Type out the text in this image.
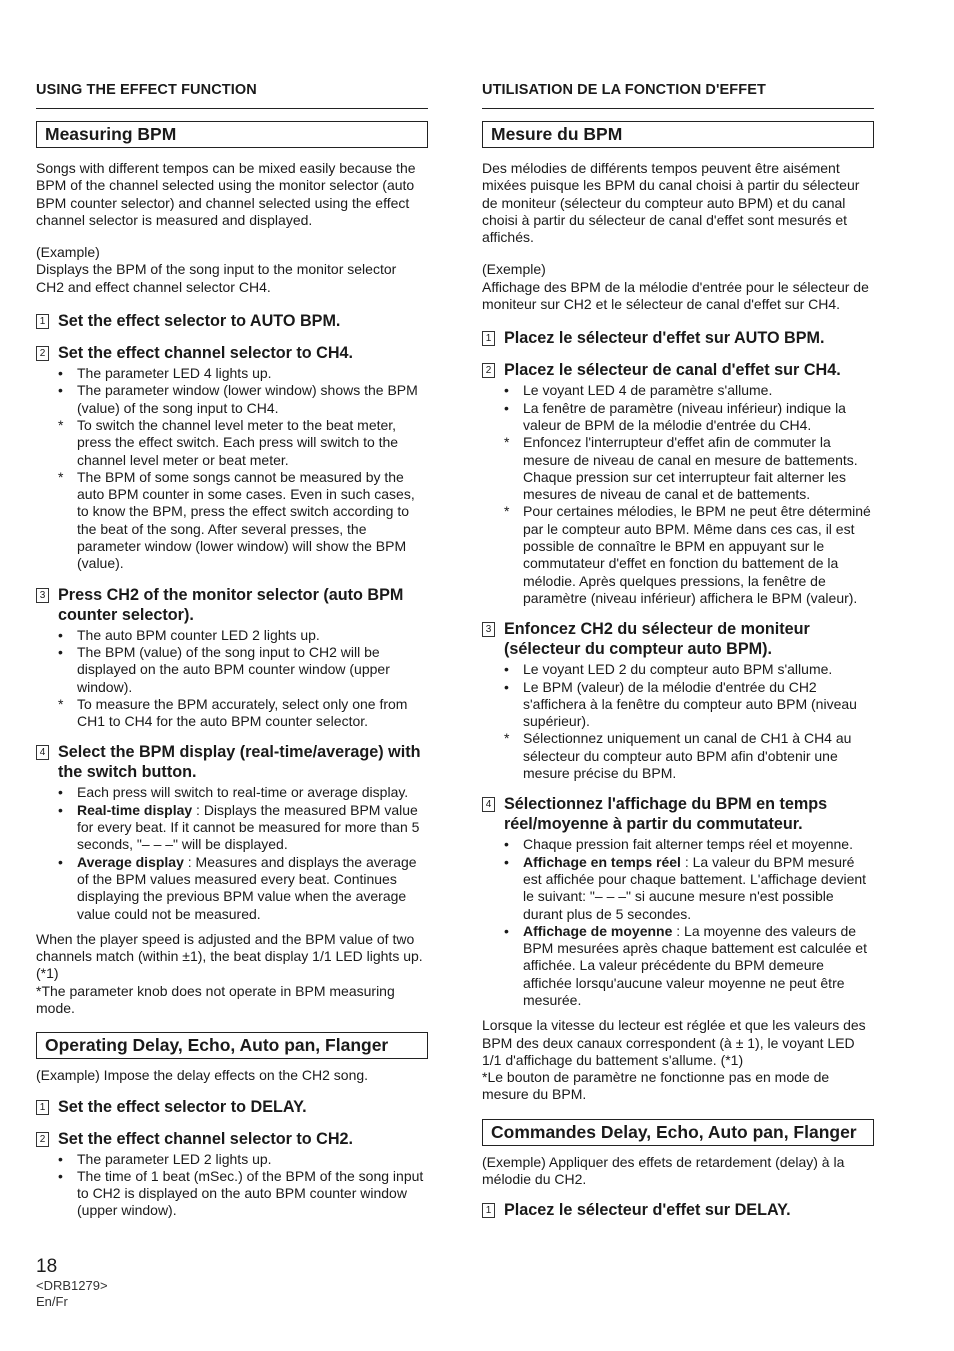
USING THE EFFECT FUNCTION
Measuring BPM

Songs with different tempos can be mixed easily because the BPM of the channel selected using the monitor selector (auto BPM counter selector) and channel selected using the effect channel selector is measured and displayed.

(Example)

Displays the BPM of the song input to the monitor selector CH2 and effect channel selector CH4.

1 Set the effect selector to AUTO BPM.
2 Set the effect channel selector to CH4.
• The parameter LED 4 lights up.
• The parameter window (lower window) shows the BPM (value) of the song input to CH4.
* To switch the channel level meter to the beat meter, press the effect switch. Each press will switch to the channel level meter or beat meter.
* The BPM of some songs cannot be measured by the auto BPM counter in some cases. Even in such cases, to know the BPM, press the effect switch according to the beat of the song. After several presses, the parameter window (lower window) will show the BPM (value).
3 Press CH2 of the monitor selector (auto BPM counter selector).
• The auto BPM counter LED 2 lights up.
• The BPM (value) of the song input to CH2 will be displayed on the auto BPM counter window (upper window).
* To measure the BPM accurately, select only one from CH1 to CH4 for the auto BPM counter selector.
4 Select the BPM display (real-time/average) with the switch button.
• Each press will switch to real-time or average display.
• Real-time display : Displays the measured BPM value for every beat. If it cannot be measured for more than 5 seconds, "– – –" will be displayed.
• Average display : Measures and displays the average of the BPM values measured every beat. Continues displaying the previous BPM value when the average value could not be measured.

When the player speed is adjusted and the BPM value of two channels match (within ±1), the beat display 1/1 LED lights up. (*1)

*The parameter knob does not operate in BPM measuring mode.

Operating Delay, Echo, Auto pan, Flanger

(Example) Impose the delay effects on the CH2 song.

1 Set the effect selector to DELAY.
2 Set the effect channel selector to CH2.
• The parameter LED 2 lights up.
• The time of 1 beat (mSec.) of the BPM of the song input to CH2 is displayed on the auto BPM counter window (upper window).
UTILISATION DE LA FONCTION D'EFFET
Mesure du BPM

Des mélodies de différents tempos peuvent être aisément mixées puisque les BPM du canal choisi à partir du sélecteur de moniteur (sélecteur du compteur auto BPM) et du canal choisi à partir du sélecteur de canal d'effet sont mesurés et affichés.

(Exemple)

Affichage des BPM de la mélodie d'entrée pour le sélecteur de moniteur sur CH2 et le sélecteur de canal d'effet sur CH4.

1 Placez le sélecteur d'effet sur AUTO BPM.
2 Placez le sélecteur de canal d'effet sur CH4.
• Le voyant LED 4 de paramètre s'allume.
• La fenêtre de paramètre (niveau inférieur) indique la valeur de BPM de la mélodie d'entrée du CH4.
* Enfoncez l'interrupteur d'effet afin de commuter la mesure de niveau de canal en mesure de battements. Chaque pression sur cet interrupteur fait alterner les mesures de niveau de canal et de battements.
* Pour certaines mélodies, le BPM ne peut être déterminé par le compteur auto BPM. Même dans ces cas, il est possible de connaître le BPM en appuyant sur le commutateur d'effet en fonction du battement de la mélodie. Après quelques pressions, la fenêtre de paramètre (niveau inférieur) affichera le BPM (valeur).
3 Enfoncez CH2 du sélecteur de moniteur (sélecteur du compteur auto BPM).
• Le voyant LED 2 du compteur auto BPM s'allume.
• Le BPM (valeur) de la mélodie d'entrée du CH2 s'affichera à la fenêtre du compteur auto BPM (niveau supérieur).
* Sélectionnez uniquement un canal de CH1 à CH4 au sélecteur du compteur auto BPM afin d'obtenir une mesure précise du BPM.
4 Sélectionnez l'affichage du BPM en temps réel/moyenne à partir du commutateur.
• Chaque pression fait alterner temps réel et moyenne.
• Affichage en temps réel : La valeur du BPM mesuré est affichée pour chaque battement. L'affichage devient le suivant: "– – –" si aucune mesure n'est possible durant plus de 5 secondes.
• Affichage de moyenne : La moyenne des valeurs de BPM mesurées après chaque battement est calculée et affichée. La valeur précédente du BPM demeure affichée lorsqu'aucune valeur moyenne ne peut être mesurée.

Lorsque la vitesse du lecteur est réglée et que les valeurs des BPM des deux canaux correspondent (à ± 1), le voyant LED 1/1 d'affichage du battement s'allume. (*1)

*Le bouton de paramètre ne fonctionne pas en mode de mesure du BPM.

Commandes Delay, Echo, Auto pan, Flanger

(Exemple) Appliquer des effets de retardement (delay) à la mélodie du CH2.

1 Placez le sélecteur d'effet sur DELAY.
18
<DRB1279>
En/Fr
